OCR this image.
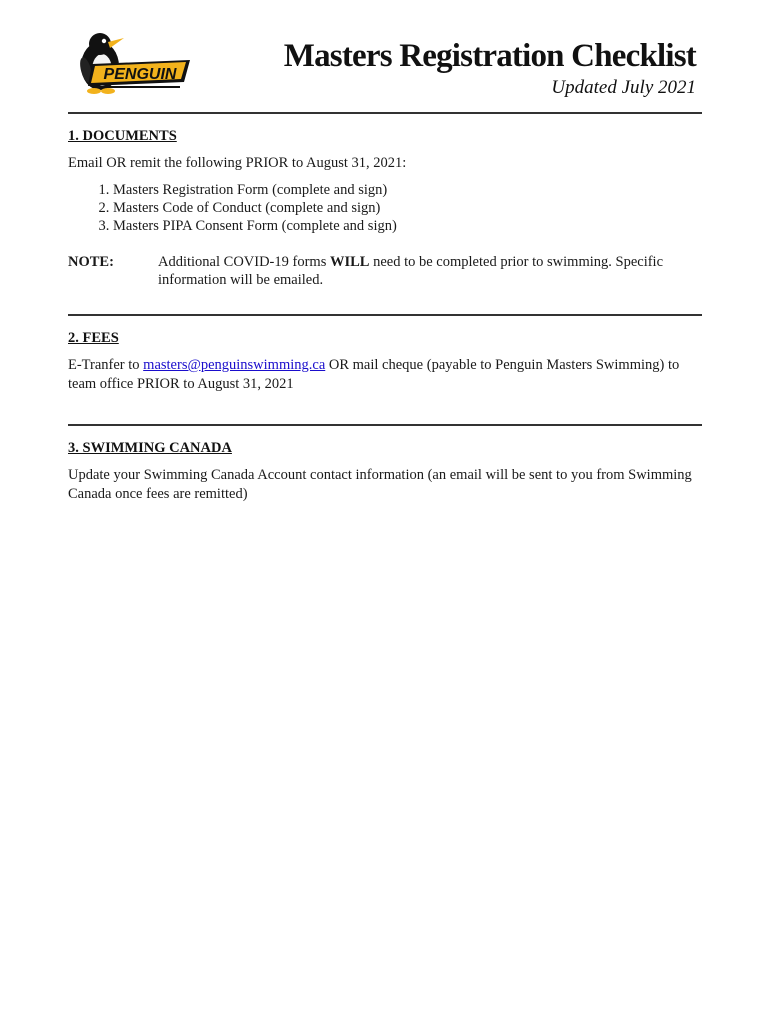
PENGUIN
Masters Registration Checklist
Updated July 2021

1. DOCUMENTS

Email OR remit the following PRIOR to August 31, 2021:

1. Masters Registration Form (complete and sign)
2. Masters Code of Conduct (complete and sign)
3. Masters PIPA Consent Form (complete and sign)
NOTE:	Additional COVID-19 forms WILL need to be completed prior to swimming. Specific information will be emailed.

2. FEES

E-Tranfer to masters@penguinswimming.ca OR mail cheque (payable to Penguin Masters Swimming) to team office PRIOR to August 31, 2021

3. SWIMMING CANADA

Update your Swimming Canada Account contact information (an email will be sent to you from Swimming Canada once fees are remitted)
